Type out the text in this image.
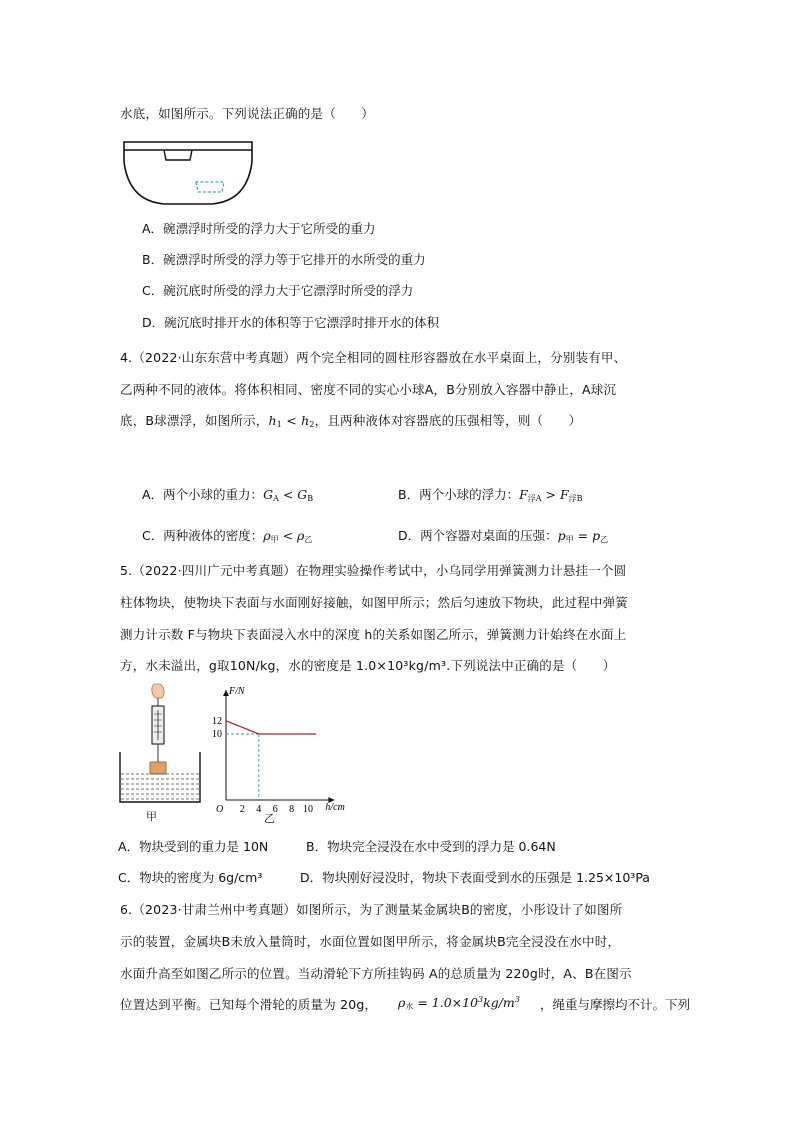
水底，如图所示。下列说法正确的是（　　）
A．碗漂浮时所受的浮力大于它所受的重力
B．碗漂浮时所受的浮力等于它排开的水所受的重力
C．碗沉底时所受的浮力大于它漂浮时所受的浮力
D．碗沉底时排开水的体积等于它漂浮时排开水的体积
4.（2022·山东东营中考真题）两个完全相同的圆柱形容器放在水平桌面上，分别装有甲、
乙两种不同的液体。将体积相同、密度不同的实心小球A，B分别放入容器中静止，A球沉
底，B球漂浮，如图所示，$h_1 < h_2$，且两种液体对容器底的压强相等，则（　　）
A．两个小球的重力：$G_A < G_B$	B．两个小球的浮力：$F_{浮A} > F_{浮B}$
C．两种液体的密度：$\rho_甲 < \rho_乙$	D．两个容器对桌面的压强：$p_甲 = p_乙$
5.（2022·四川广元中考真题）在物理实验操作考试中，小乌同学用弹簧测力计悬挂一个圆
柱体物块，使物块下表面与水面刚好接触，如图甲所示；然后匀速放下物块，此过程中弹簧
测力计示数 F与物块下表面浸入水中的深度 h的关系如图乙所示，弹簧测力计始终在水面上
方，水未溢出，g取10N/kg，水的密度是 1.0×10³kg/m³.下列说法中正确的是（　　）
甲
F/N
h/cm
O 2 4 6 8 10
10
12
乙
A．物块受到的重力是 10N	B．物块完全浸没在水中受到的浮力是 0.64N
C．物块的密度为 6g/cm³	D．物块刚好浸没时，物块下表面受到水的压强是 1.25×10³Pa
6.（2023·甘肃兰州中考真题）如图所示，为了测量某金属块B的密度，小彤设计了如图所
示的装置，金属块B未放入量筒时，水面位置如图甲所示，将金属块B完全浸没在水中时，
水面升高至如图乙所示的位置。当动滑轮下方所挂钩码 A的总质量为 220g时，A、B在图示
位置达到平衡。已知每个滑轮的质量为 20g， $\rho_水 = 1.0\times 10^3kg/m^3$ ，绳重与摩擦均不计。下列
